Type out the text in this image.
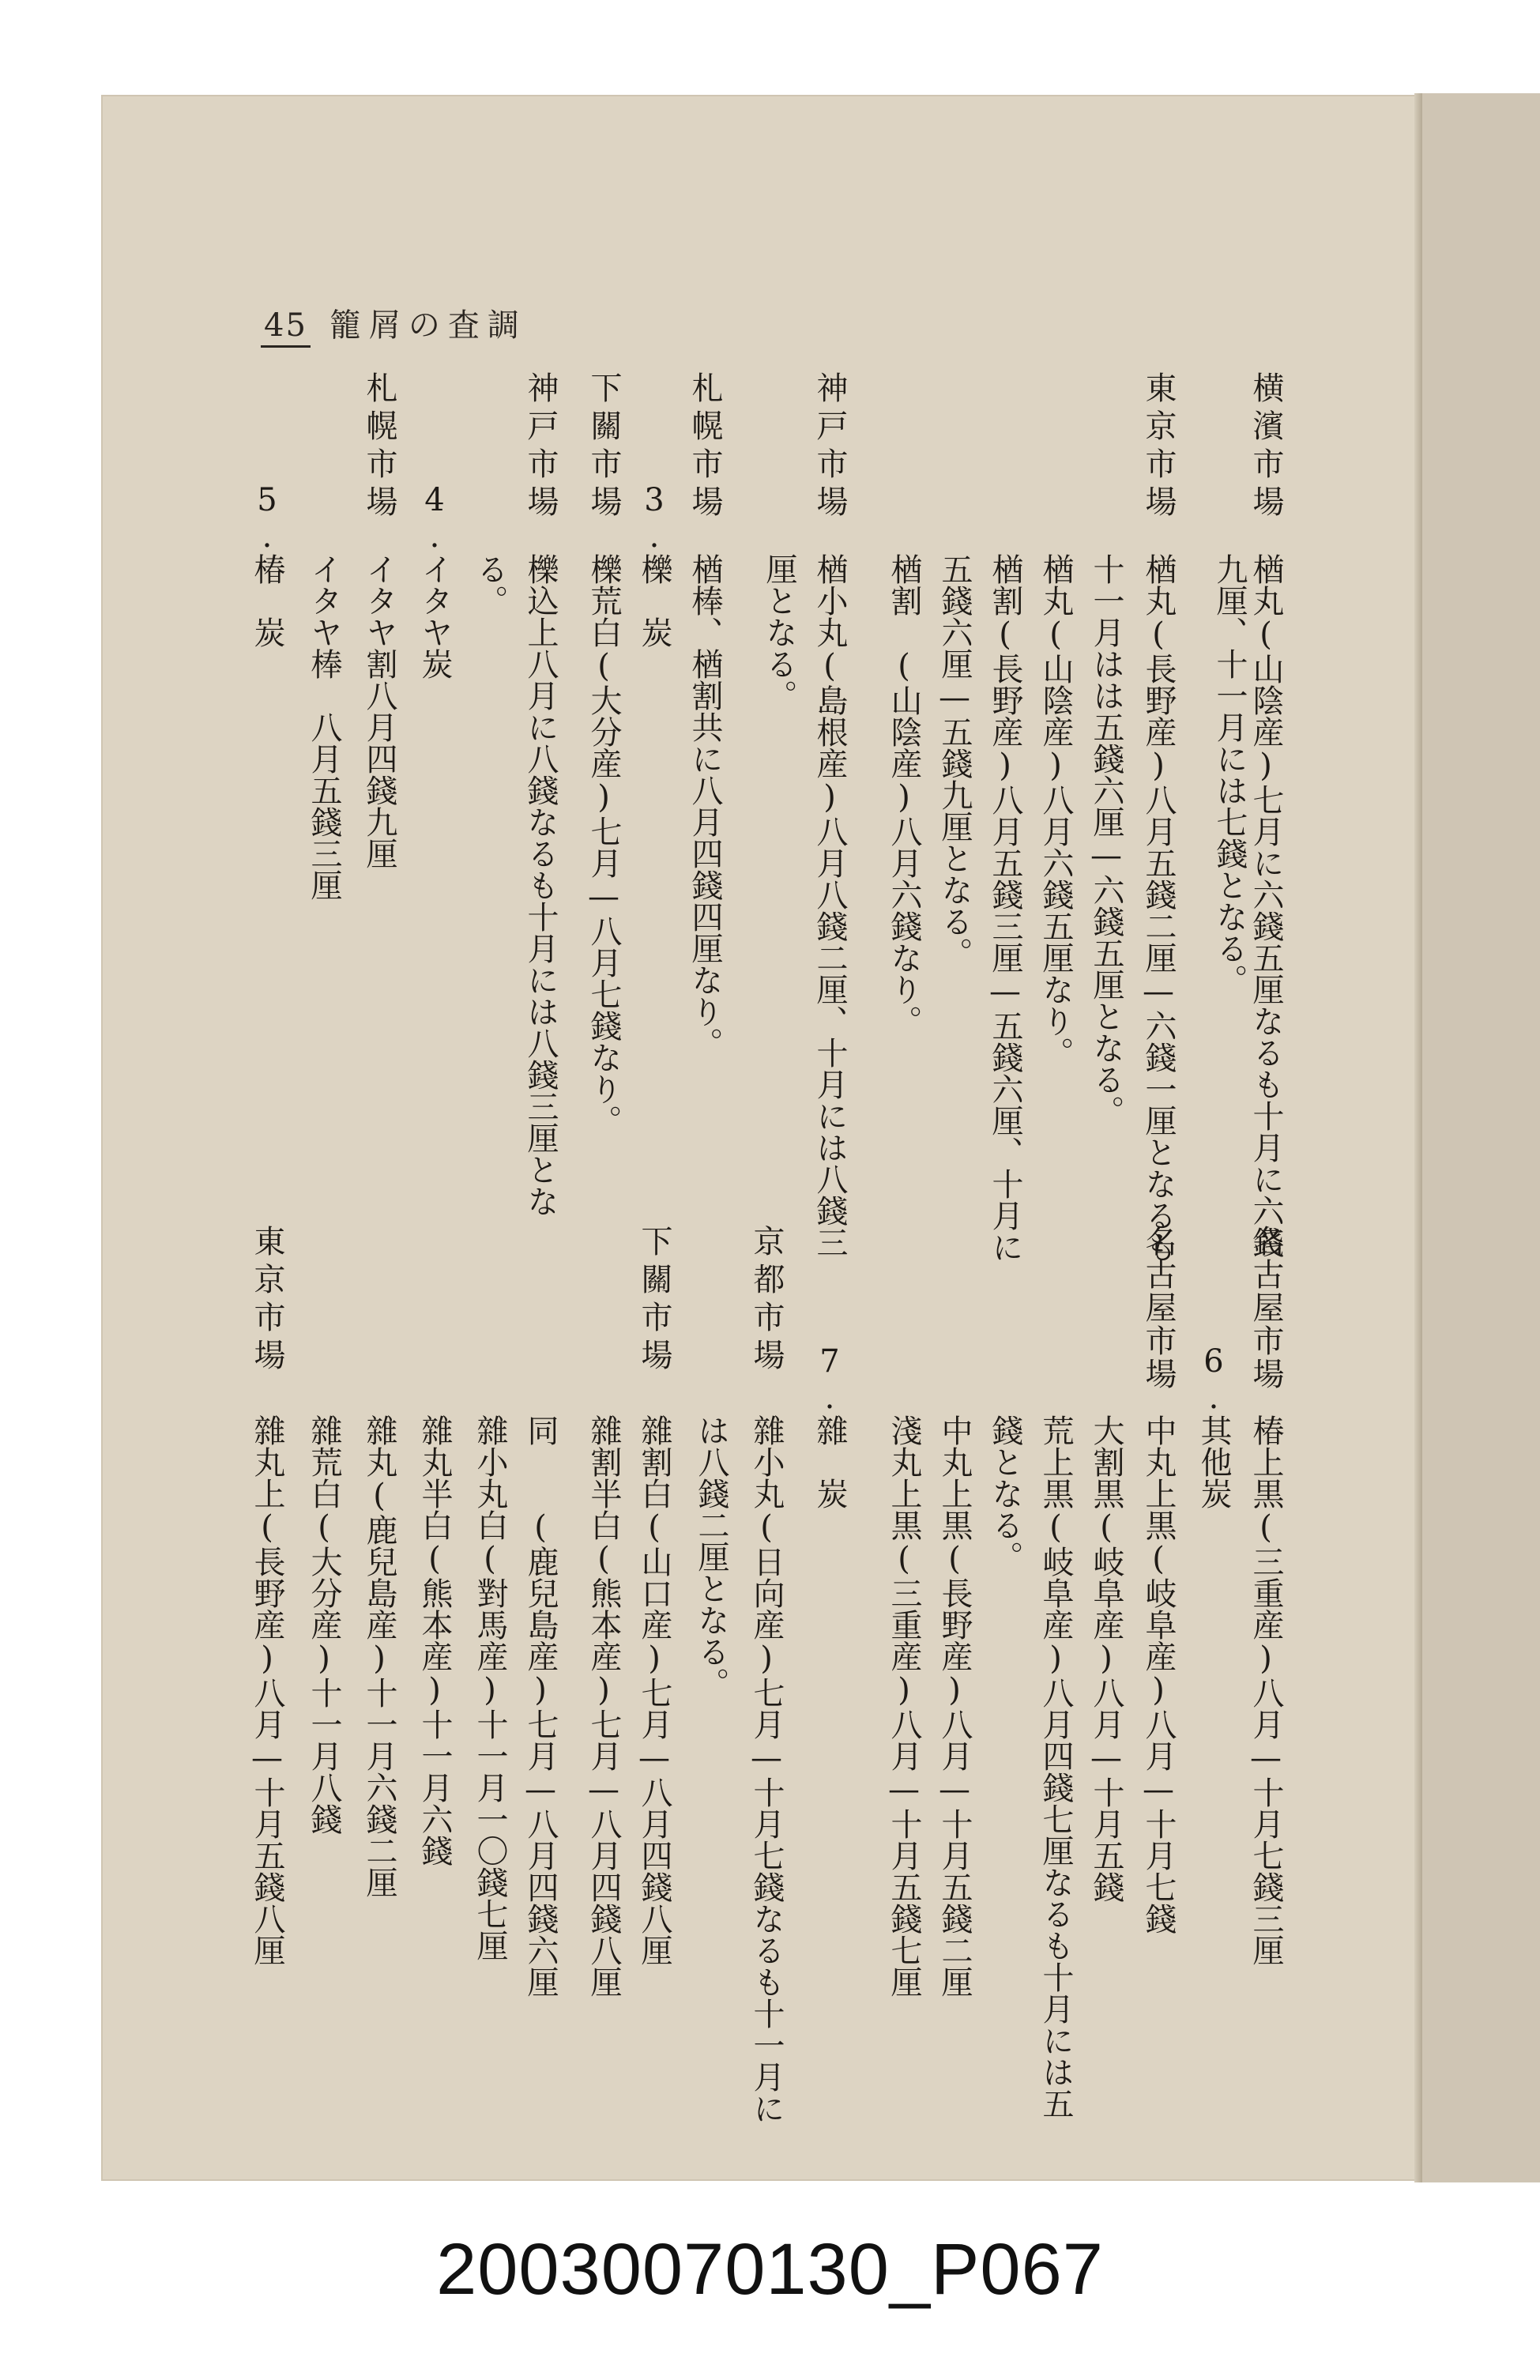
45 籠屑の査調
横濱市場
楢丸(山陰産)七月に六錢五厘なるも十月に六錢
九厘、十一月には七錢となる。
東京市場
楢丸(長野産)八月五錢二厘—六錢一厘となるも
十一月はは五錢六厘—六錢五厘となる。
楢丸(山陰産)八月六錢五厘なり。
楢割(長野産)八月五錢三厘—五錢六厘、十月に
五錢六厘—五錢九厘となる。
楢割
(山陰産)八月六錢なり。
神戸市場
楢小丸(島根産)八月八錢二厘、十月には八錢三
厘となる。
札幌市場
楢棒、楢割共に八月四錢四厘なり。
3.
櫟　炭
下關市場
櫟荒白(大分産)七月—八月七錢なり。
神戸市場
櫟込上八月に八錢なるも十月には八錢三厘とな
る。
4.
イタヤ炭
札幌市場
イタヤ割八月四錢九厘
イタヤ棒　八月五錢三厘
5.
椿　炭
名古屋市場
椿上黒(三重産)八月—十月七錢三厘
6.
其他炭
名古屋市場
中丸上黒(岐阜産)八月—十月七錢
大割黒(岐阜産)八月—十月五錢
荒上黒(岐阜産)八月四錢七厘なるも十月には五
錢となる。
中丸上黒(長野産)八月—十月五錢二厘
淺丸上黒(三重産)八月—十月五錢七厘
7.
雜　炭
京都市場
雜小丸(日向産)七月—十月七錢なるも十一月に
は八錢二厘となる。
下關市場
雜割白(山口産)七月—八月四錢八厘
雜割半白(熊本産)七月—八月四錢八厘
同　　(鹿兒島産)七月—八月四錢六厘
雜小丸白(對馬産)十一月一〇錢七厘
雜丸半白(熊本産)十一月六錢
雜丸(鹿兒島産)十一月六錢二厘
雜荒白(大分産)十一月八錢
東京市場
雜丸上(長野産)八月—十月五錢八厘
20030070130_P067
